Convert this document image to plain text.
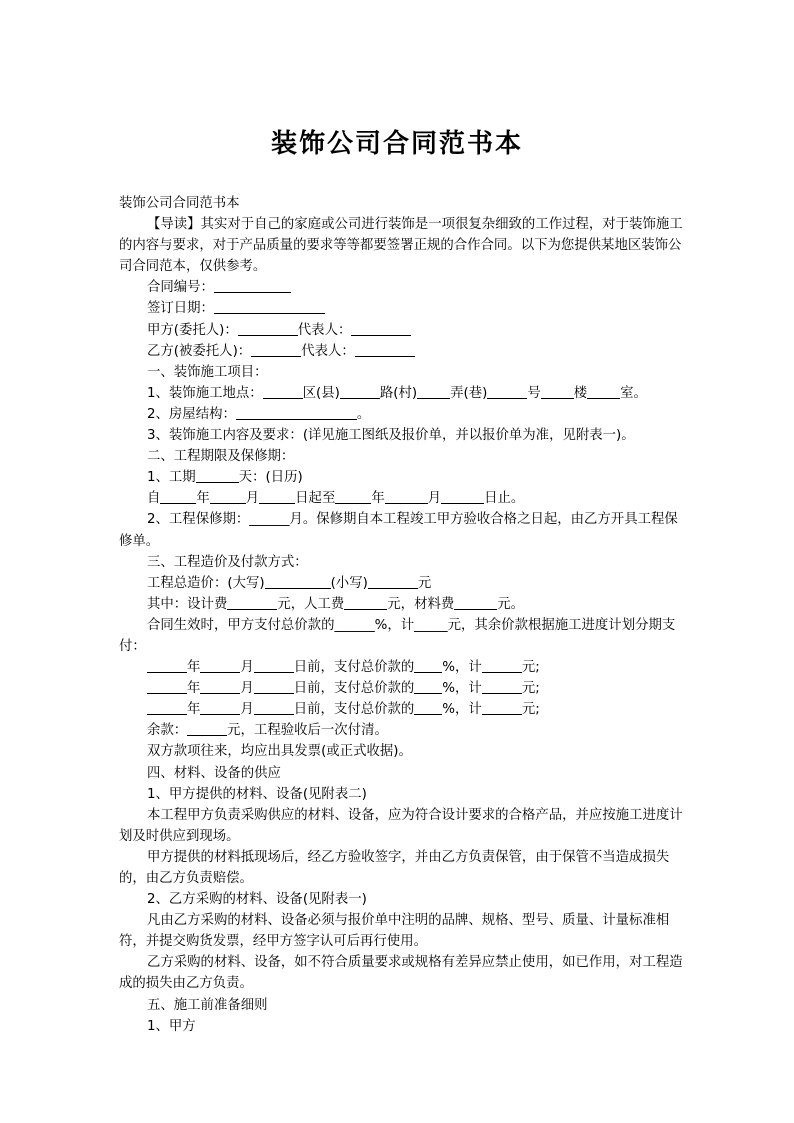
装饰公司合同范书本

装饰公司合同范书本

【导读】其实对于自己的家庭或公司进行装饰是一项很复杂细致的工作过程，对于装饰施工的内容与要求，对于产品质量的要求等等都要签署正规的合作合同。以下为您提供某地区装饰公司合同范本，仅供参考。

合同编号：

签订日期：

甲方(委托人)：	代表人：

乙方(被委托人)：	代表人：

一、装饰施工项目：

1、装饰施工地点：	区(县)	路(村) 弄(巷)	号 楼 室。

2、房屋结构：	。

3、装饰施工内容及要求：(详见施工图纸及报价单，并以报价单为准，见附表一)。

二、工程期限及保修期：

1、工期	天：(日历)

自	年	月	日起至	年	月	日止。

2、工程保修期：______月。保修期自本工程竣工甲方验收合格之日起，由乙方开具工程保修单。

三、工程造价及付款方式：

工程总造价：(大写)	(小写)	元

其中：设计费	元，人工费	元，材料费	元。

合同生效时，甲方支付总价款的______%，计_____元，其余价款根据施工进度计划分期支付：

年	月	日前，支付总价款的 %，计	元;

年	月	日前，支付总价款的 %，计	元;

年	月	日前，支付总价款的 %，计	元;

余款：	元，工程验收后一次付清。

双方款项往来，均应出具发票(或正式收据)。

四、材料、设备的供应

1、甲方提供的材料、设备(见附表二)

本工程甲方负责采购供应的材料、设备，应为符合设计要求的合格产品，并应按施工进度计划及时供应到现场。

甲方提供的材料抵现场后，经乙方验收签字，并由乙方负责保管，由于保管不当造成损失的，由乙方负责赔偿。

2、乙方采购的材料、设备(见附表一)

凡由乙方采购的材料、设备必须与报价单中注明的品牌、规格、型号、质量、计量标准相符，并提交购货发票，经甲方签字认可后再行使用。

乙方采购的材料、设备，如不符合质量要求或规格有差异应禁止使用，如已作用，对工程造成的损失由乙方负责。

五、施工前准备细则

1、甲方
